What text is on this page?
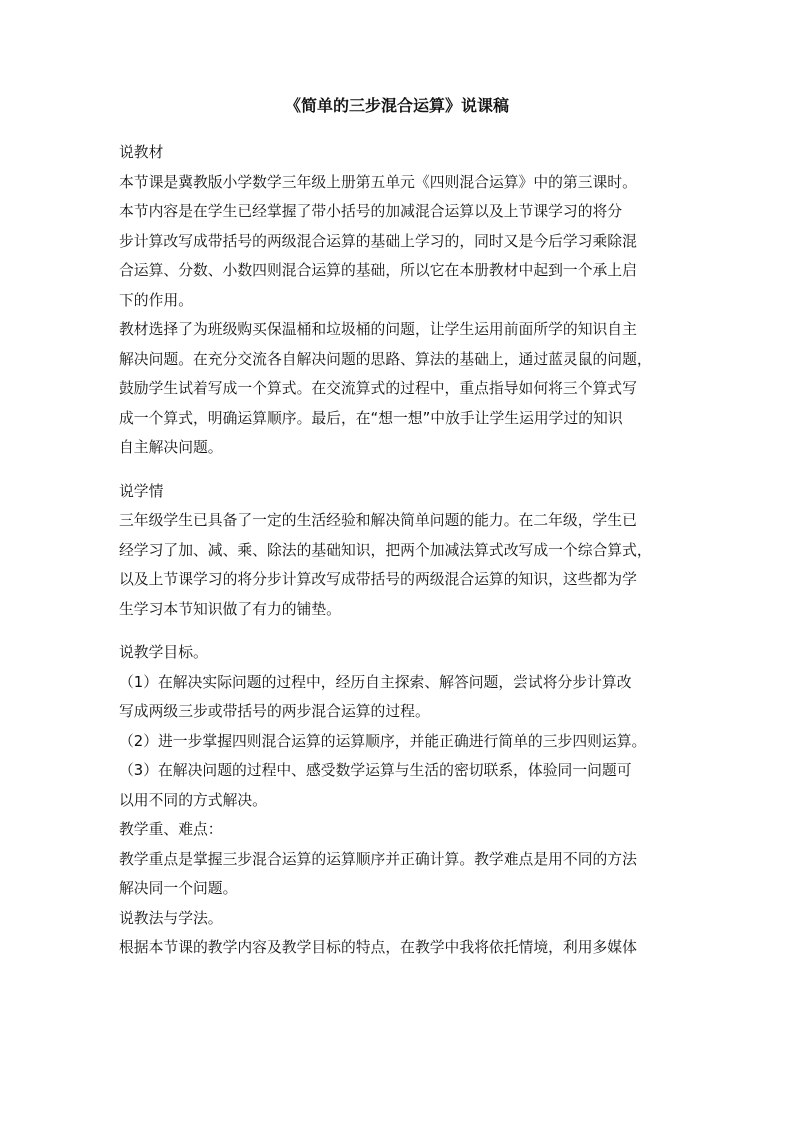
《简单的三步混合运算》说课稿
说教材
本节课是冀教版小学数学三年级上册第五单元《四则混合运算》中的第三课时。
本节内容是在学生已经掌握了带小括号的加减混合运算以及上节课学习的将分
步计算改写成带括号的两级混合运算的基础上学习的，同时又是今后学习乘除混
合运算、分数、小数四则混合运算的基础，所以它在本册教材中起到一个承上启
下的作用。
教材选择了为班级购买保温桶和垃圾桶的问题，让学生运用前面所学的知识自主
解决问题。在充分交流各自解决问题的思路、算法的基础上，通过蓝灵鼠的问题，
鼓励学生试着写成一个算式。在交流算式的过程中，重点指导如何将三个算式写
成一个算式，明确运算顺序。最后，在“想一想”中放手让学生运用学过的知识
自主解决问题。
说学情
三年级学生已具备了一定的生活经验和解决简单问题的能力。在二年级，学生已
经学习了加、减、乘、除法的基础知识，把两个加减法算式改写成一个综合算式，
以及上节课学习的将分步计算改写成带括号的两级混合运算的知识，这些都为学
生学习本节知识做了有力的铺垫。
说教学目标。
（1）在解决实际问题的过程中，经历自主探索、解答问题，尝试将分步计算改
写成两级三步或带括号的两步混合运算的过程。
（2）进一步掌握四则混合运算的运算顺序，并能正确进行简单的三步四则运算。
（3）在解决问题的过程中、感受数学运算与生活的密切联系，体验同一问题可
以用不同的方式解决。
教学重、难点：
教学重点是掌握三步混合运算的运算顺序并正确计算。教学难点是用不同的方法
解决同一个问题。
说教法与学法。
根据本节课的教学内容及教学目标的特点，在教学中我将依托情境，利用多媒体
